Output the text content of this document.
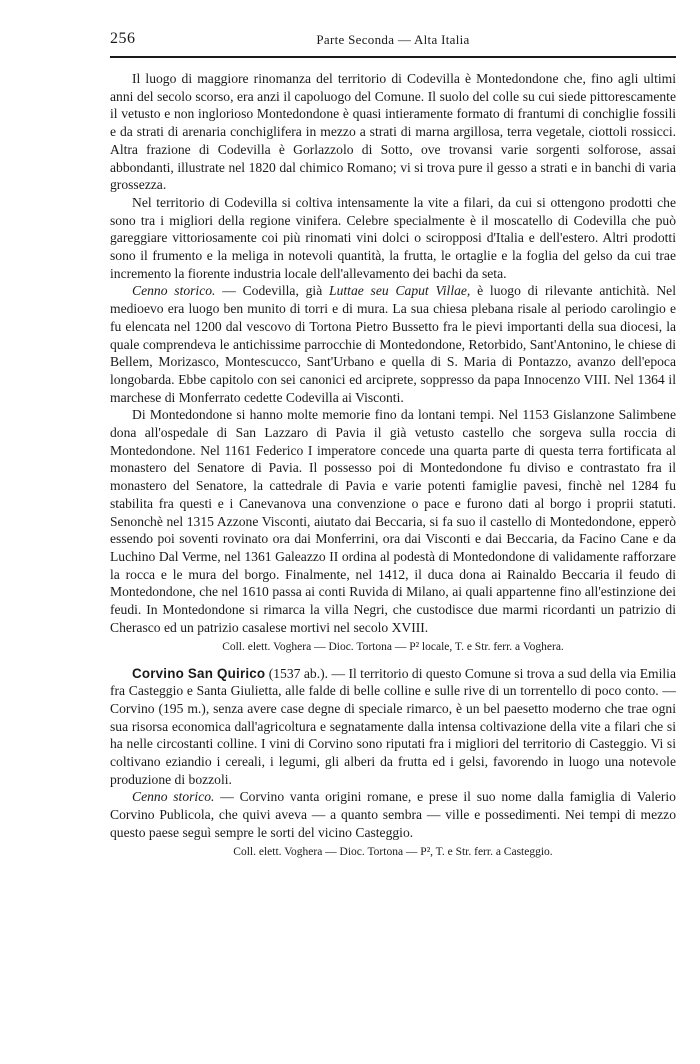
256	Parte Seconda — Alta Italia

Il luogo di maggiore rinomanza del territorio di Codevilla è Montedondone che, fino agli ultimi anni del secolo scorso, era anzi il capoluogo del Comune. Il suolo del colle su cui siede pittorescamente il vetusto e non inglorioso Montedondone è quasi intieramente formato di frantumi di conchiglie fossili e da strati di arenaria conchiglifera in mezzo a strati di marna argillosa, terra vegetale, ciottoli rossicci. Altra frazione di Codevilla è Gorlazzolo di Sotto, ove trovansi varie sorgenti solforose, assai abbondanti, illustrate nel 1820 dal chimico Romano; vi si trova pure il gesso a strati e in banchi di varia grossezza.

Nel territorio di Codevilla si coltiva intensamente la vite a filari, da cui si ottengono prodotti che sono tra i migliori della regione vinifera. Celebre specialmente è il moscatello di Codevilla che può gareggiare vittoriosamente coi più rinomati vini dolci o sciropposi d'Italia e dell'estero. Altri prodotti sono il frumento e la meliga in notevoli quantità, la frutta, le ortaglie e la foglia del gelso da cui trae incremento la fiorente industria locale dell'allevamento dei bachi da seta.

Cenno storico. — Codevilla, già Luttae seu Caput Villae, è luogo di rilevante antichità. Nel medioevo era luogo ben munito di torri e di mura. La sua chiesa plebana risale al periodo carolingio e fu elencata nel 1200 dal vescovo di Tortona Pietro Bussetto fra le pievi importanti della sua diocesi, la quale comprendeva le antichissime parrocchie di Montedondone, Retorbido, Sant'Antonino, le chiese di Bellem, Morizasco, Montescucco, Sant'Urbano e quella di S. Maria di Pontazzo, avanzo dell'epoca longobarda. Ebbe capitolo con sei canonici ed arciprete, soppresso da papa Innocenzo VIII. Nel 1364 il marchese di Monferrato cedette Codevilla ai Visconti.

Di Montedondone si hanno molte memorie fino da lontani tempi. Nel 1153 Gislanzone Salimbene dona all'ospedale di San Lazzaro di Pavia il già vetusto castello che sorgeva sulla roccia di Montedondone. Nel 1161 Federico I imperatore concede una quarta parte di questa terra fortificata al monastero del Senatore di Pavia. Il possesso poi di Montedondone fu diviso e contrastato fra il monastero del Senatore, la cattedrale di Pavia e varie potenti famiglie pavesi, finchè nel 1284 fu stabilita fra questi e i Canevanova una convenzione o pace e furono dati al borgo i proprii statuti. Senonchè nel 1315 Azzone Visconti, aiutato dai Beccaria, si fa suo il castello di Montedondone, epperò essendo poi soventi rovinato ora dai Monferrini, ora dai Visconti e dai Beccaria, da Facino Cane e da Luchino Dal Verme, nel 1361 Galeazzo II ordina al podestà di Montedondone di validamente rafforzare la rocca e le mura del borgo. Finalmente, nel 1412, il duca dona ai Rainaldo Beccaria il feudo di Montedondone, che nel 1610 passa ai conti Ruvida di Milano, ai quali appartenne fino all'estinzione dei feudi. In Montedondone si rimarca la villa Negri, che custodisce due marmi ricordanti un patrizio di Cherasco ed un patrizio casalese mortivi nel secolo XVIII.

Coll. elett. Voghera — Dioc. Tortona — P² locale, T. e Str. ferr. a Voghera.

Corvino San Quirico (1537 ab.). — Il territorio di questo Comune si trova a sud della via Emilia fra Casteggio e Santa Giulietta, alle falde di belle colline e sulle rive di un torrentello di poco conto. — Corvino (195 m.), senza avere case degne di speciale rimarco, è un bel paesetto moderno che trae ogni sua risorsa economica dall'agricoltura e segnatamente dalla intensa coltivazione della vite a filari che si ha nelle circostanti colline. I vini di Corvino sono riputati fra i migliori del territorio di Casteggio. Vi si coltivano eziandio i cereali, i legumi, gli alberi da frutta ed i gelsi, favorendo in luogo una notevole produzione di bozzoli.

Cenno storico. — Corvino vanta origini romane, e prese il suo nome dalla famiglia di Valerio Corvino Publicola, che quivi aveva — a quanto sembra — ville e possedimenti. Nei tempi di mezzo questo paese seguì sempre le sorti del vicino Casteggio.

Coll. elett. Voghera — Dioc. Tortona — P², T. e Str. ferr. a Casteggio.
